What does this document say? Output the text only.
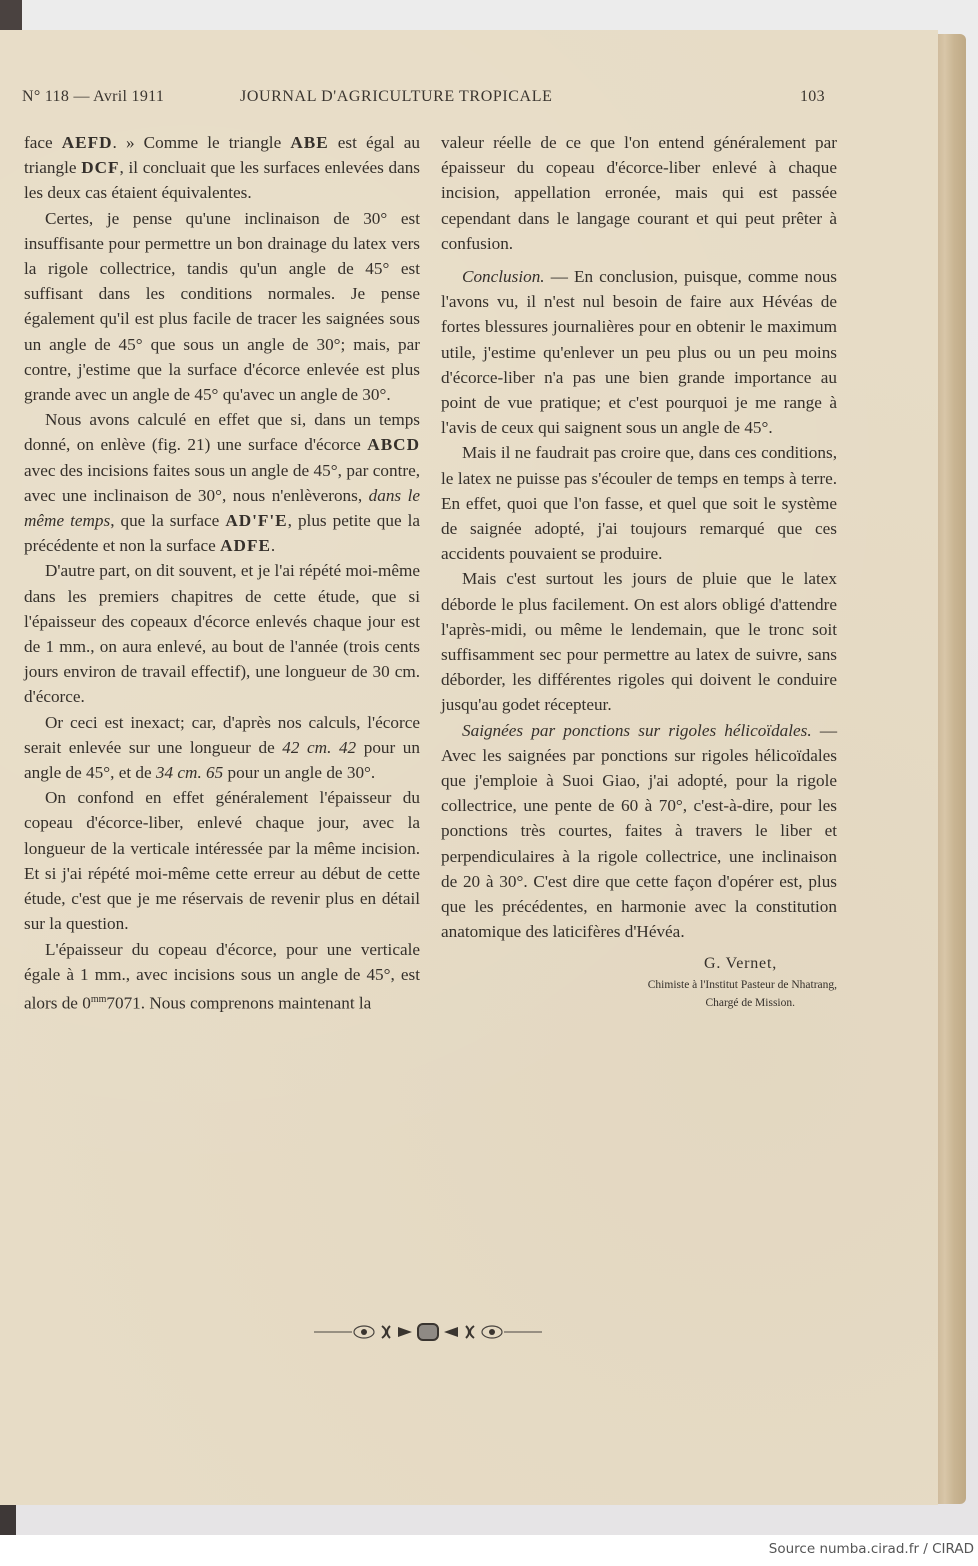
N° 118 — Avril 1911	JOURNAL D'AGRICULTURE TROPICALE	103

face AEFD. » Comme le triangle ABE est égal au triangle DCF, il concluait que les surfaces enlevées dans les deux cas étaient équivalentes.

Certes, je pense qu'une inclinaison de 30° est insuffisante pour permettre un bon drainage du latex vers la rigole collectrice, tandis qu'un angle de 45° est suffisant dans les conditions normales. Je pense également qu'il est plus facile de tracer les saignées sous un angle de 45° que sous un angle de 30°; mais, par contre, j'estime que la surface d'écorce enlevée est plus grande avec un angle de 45° qu'avec un angle de 30°.

Nous avons calculé en effet que si, dans un temps donné, on enlève (fig. 21) une surface d'écorce ABCD avec des incisions faites sous un angle de 45°, par contre, avec une inclinaison de 30°, nous n'enlèverons, dans le même temps, que la surface AD'F'E, plus petite que la précédente et non la surface ADFE.

D'autre part, on dit souvent, et je l'ai répété moi-même dans les premiers chapitres de cette étude, que si l'épaisseur des copeaux d'écorce enlevés chaque jour est de 1 mm., on aura enlevé, au bout de l'année (trois cents jours environ de travail effectif), une longueur de 30 cm. d'écorce.

Or ceci est inexact; car, d'après nos calculs, l'écorce serait enlevée sur une longueur de 42 cm. 42 pour un angle de 45°, et de 34 cm. 65 pour un angle de 30°.

On confond en effet généralement l'épaisseur du copeau d'écorce-liber, enlevé chaque jour, avec la longueur de la verticale intéressée par la même incision. Et si j'ai répété moi-même cette erreur au début de cette étude, c'est que je me réservais de revenir plus en détail sur la question.

L'épaisseur du copeau d'écorce, pour une verticale égale à 1 mm., avec incisions sous un angle de 45°, est alors de $0^{mm}7071$. Nous comprenons maintenant la

valeur réelle de ce que l'on entend généralement par épaisseur du copeau d'écorce-liber enlevé à chaque incision, appellation erronée, mais qui est passée cependant dans le langage courant et qui peut prêter à confusion.

Conclusion. — En conclusion, puisque, comme nous l'avons vu, il n'est nul besoin de faire aux Hévéas de fortes blessures journalières pour en obtenir le maximum utile, j'estime qu'enlever un peu plus ou un peu moins d'écorce-liber n'a pas une bien grande importance au point de vue pratique; et c'est pourquoi je me range à l'avis de ceux qui saignent sous un angle de 45°.

Mais il ne faudrait pas croire que, dans ces conditions, le latex ne puisse pas s'écouler de temps en temps à terre. En effet, quoi que l'on fasse, et quel que soit le système de saignée adopté, j'ai toujours remarqué que ces accidents pouvaient se produire.

Mais c'est surtout les jours de pluie que le latex déborde le plus facilement. On est alors obligé d'attendre l'après-midi, ou même le lendemain, que le tronc soit suffisamment sec pour permettre au latex de suivre, sans déborder, les différentes rigoles qui doivent le conduire jusqu'au godet récepteur.

Saignées par ponctions sur rigoles hélicoïdales. — Avec les saignées par ponctions sur rigoles hélicoïdales que j'emploie à Suoi Giao, j'ai adopté, pour la rigole collectrice, une pente de 60 à 70°, c'est-à-dire, pour les ponctions très courtes, faites à travers le liber et perpendiculaires à la rigole collectrice, une inclinaison de 20 à 30°. C'est dire que cette façon d'opérer est, plus que les précédentes, en harmonie avec la constitution anatomique des laticifères d'Hévéa.

G. Vernet,
Chimiste à l'Institut Pasteur de Nhatrang,
Chargé de Mission.
Source numba.cirad.fr / CIRAD
